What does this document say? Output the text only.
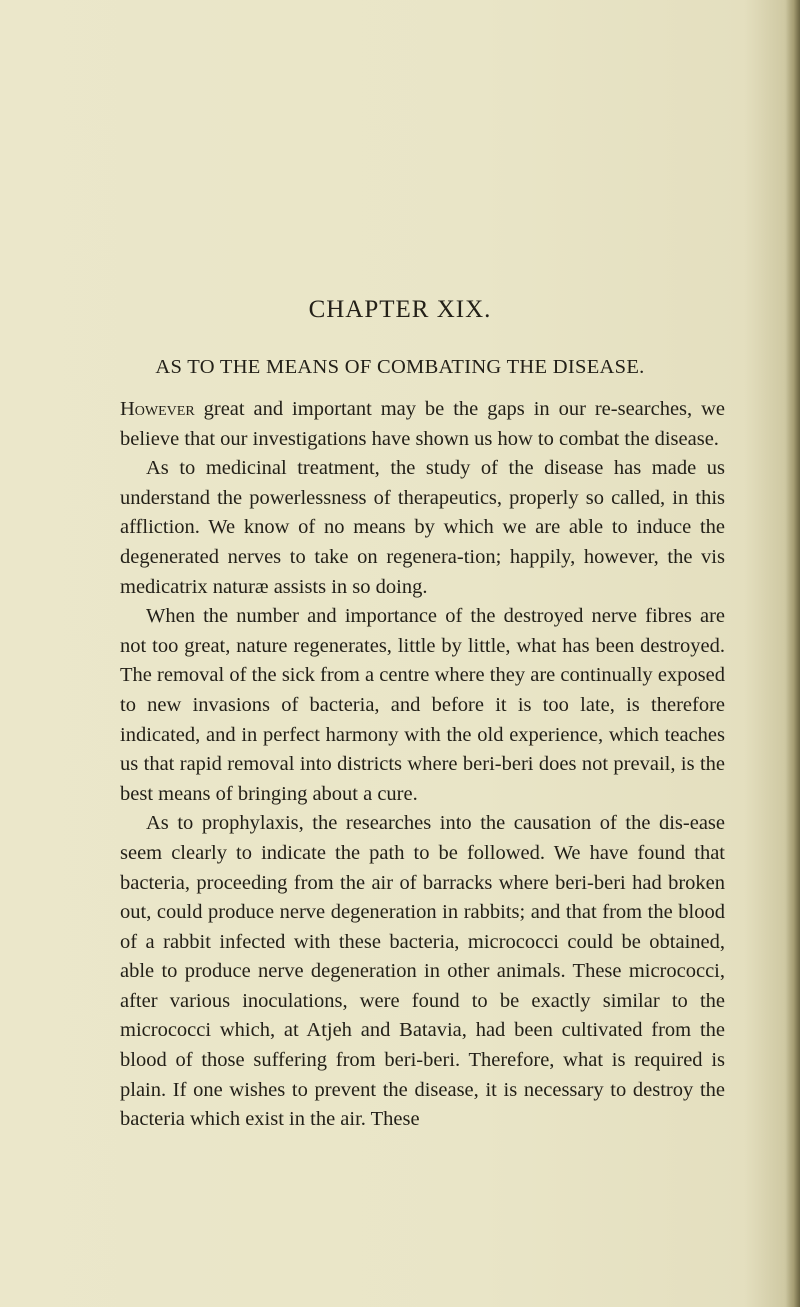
CHAPTER XIX.
AS TO THE MEANS OF COMBATING THE DISEASE.

However great and important may be the gaps in our re-searches, we believe that our investigations have shown us how to combat the disease.

As to medicinal treatment, the study of the disease has made us understand the powerlessness of therapeutics, properly so called, in this affliction. We know of no means by which we are able to induce the degenerated nerves to take on regenera-tion; happily, however, the vis medicatrix naturæ assists in so doing.

When the number and importance of the destroyed nerve fibres are not too great, nature regenerates, little by little, what has been destroyed. The removal of the sick from a centre where they are continually exposed to new invasions of bacteria, and before it is too late, is therefore indicated, and in perfect harmony with the old experience, which teaches us that rapid removal into districts where beri-beri does not prevail, is the best means of bringing about a cure.

As to prophylaxis, the researches into the causation of the dis-ease seem clearly to indicate the path to be followed. We have found that bacteria, proceeding from the air of barracks where beri-beri had broken out, could produce nerve degeneration in rabbits; and that from the blood of a rabbit infected with these bacteria, micrococci could be obtained, able to produce nerve degeneration in other animals. These micrococci, after various inoculations, were found to be exactly similar to the micrococci which, at Atjeh and Batavia, had been cultivated from the blood of those suffering from beri-beri. Therefore, what is required is plain. If one wishes to prevent the disease, it is necessary to destroy the bacteria which exist in the air. These
